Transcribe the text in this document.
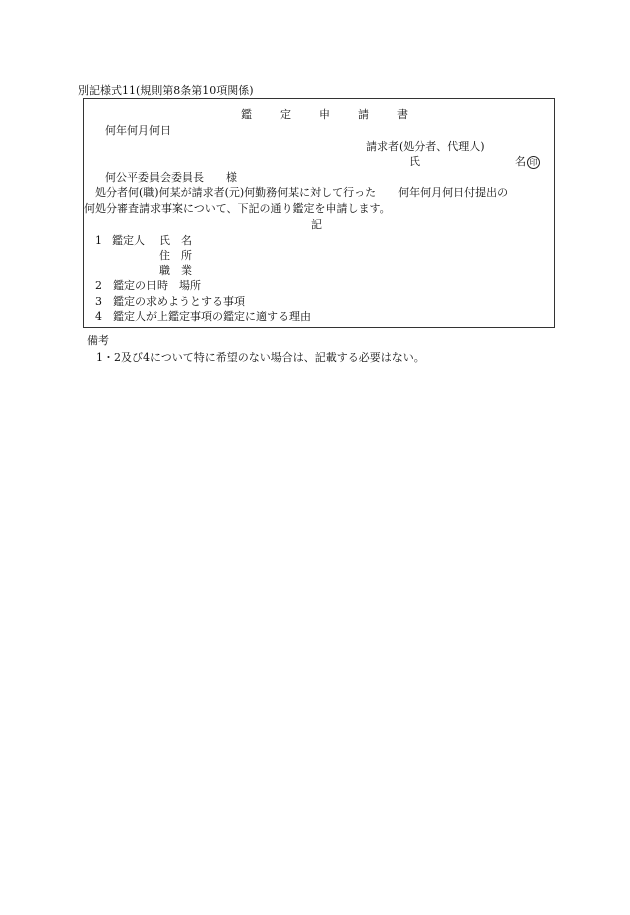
別記様式11(規則第8条第10項関係)
鑑	定	申	請	書
何年何月何日
請求者(処分者、代理人)
氏	名 印
何公平委員会委員長 様
処分者何(職)何某が請求者(元)何勤務何某に対して行った 何年何月何日付提出の
何処分審査請求事案について、下記の通り鑑定を申請します。
記
1 鑑定人 氏　名
住　所
職　業
2　鑑定の日時　場所
3　鑑定の求めようとする事項
4　鑑定人が上鑑定事項の鑑定に適する理由
備考
1・2及び4について特に希望のない場合は、記載する必要はない。
